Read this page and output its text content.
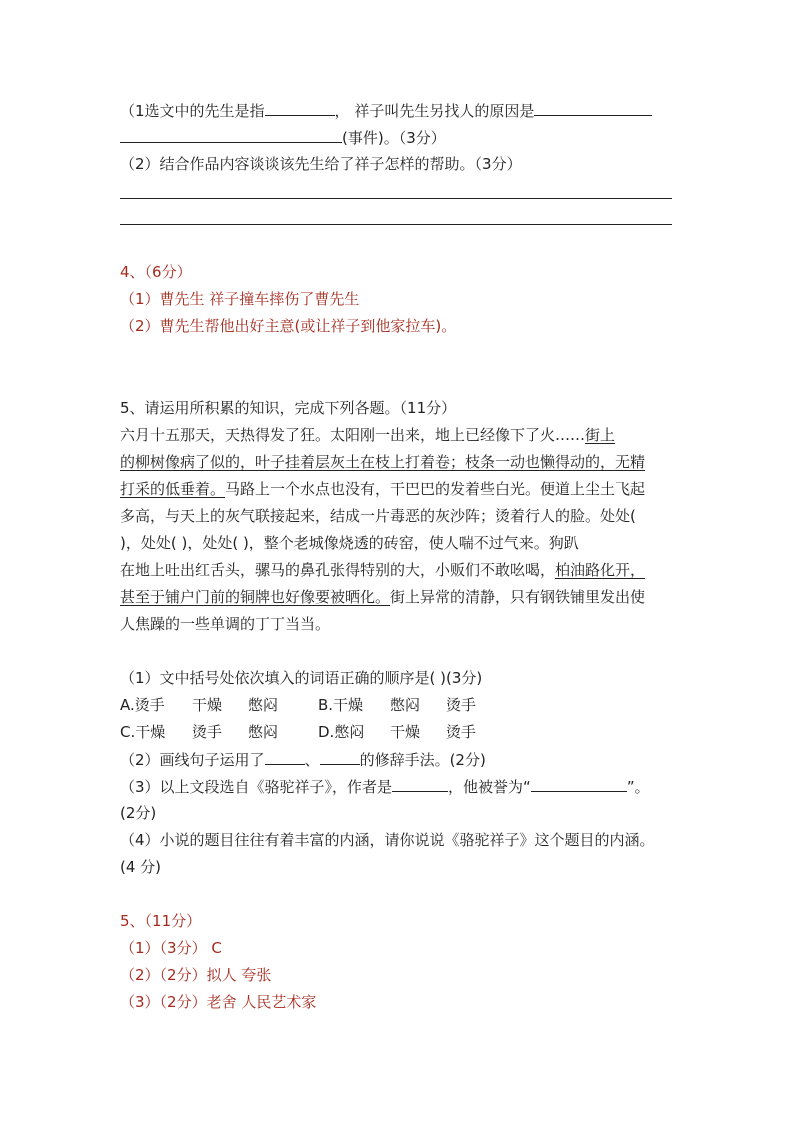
（1选文中的先生是指	， 祥子叫先生另找人的原因是
(事件)。（3分）
（2）结合作品内容谈谈该先生给了祥子怎样的帮助。（3分）
4、（6分）
（1）曹先生 祥子撞车摔伤了曹先生
（2）曹先生帮他出好主意(或让祥子到他家拉车)。
5、请运用所积累的知识，完成下列各题。（11分）
六月十五那天，天热得发了狂。太阳刚一出来，地上已经像下了火……街上
的柳树像病了似的，叶子挂着层灰土在枝上打着卷；枝条一动也懒得动的，无精
打采的低垂着。马路上一个水点也没有，干巴巴的发着些白光。便道上尘土飞起
多高，与天上的灰气联接起来，结成一片毒恶的灰沙阵；烫着行人的脸。处处(
)，处处( )，处处( )，整个老城像烧透的砖窑，使人喘不过气来。狗趴
在地上吐出红舌头，骡马的鼻孔张得特别的大，小贩们不敢吆喝，柏油路化开，
甚至于铺户门前的铜牌也好像要被晒化。街上异常的清静，只有钢铁铺里发出使
人焦躁的一些单调的丁丁当当。
（1）文中括号处依次填入的词语正确的顺序是( )(3分)
A.烫手 干燥 憋闷	B.干燥 憋闷 烫手
C.干燥 烫手 憋闷	D.憋闷 干燥 烫手
（2）画线句子运用了	、	的修辞手法。(2分)
（3）以上文段选自《骆驼祥子》，作者是	，他被誉为“	”。
(2分)
（4）小说的题目往往有着丰富的内涵，请你说说《骆驼祥子》这个题目的内涵。
(4 分)
5、（11分）
（1）（3分） C
（2）（2分）拟人 夸张
（3）（2分）老舍 人民艺术家
